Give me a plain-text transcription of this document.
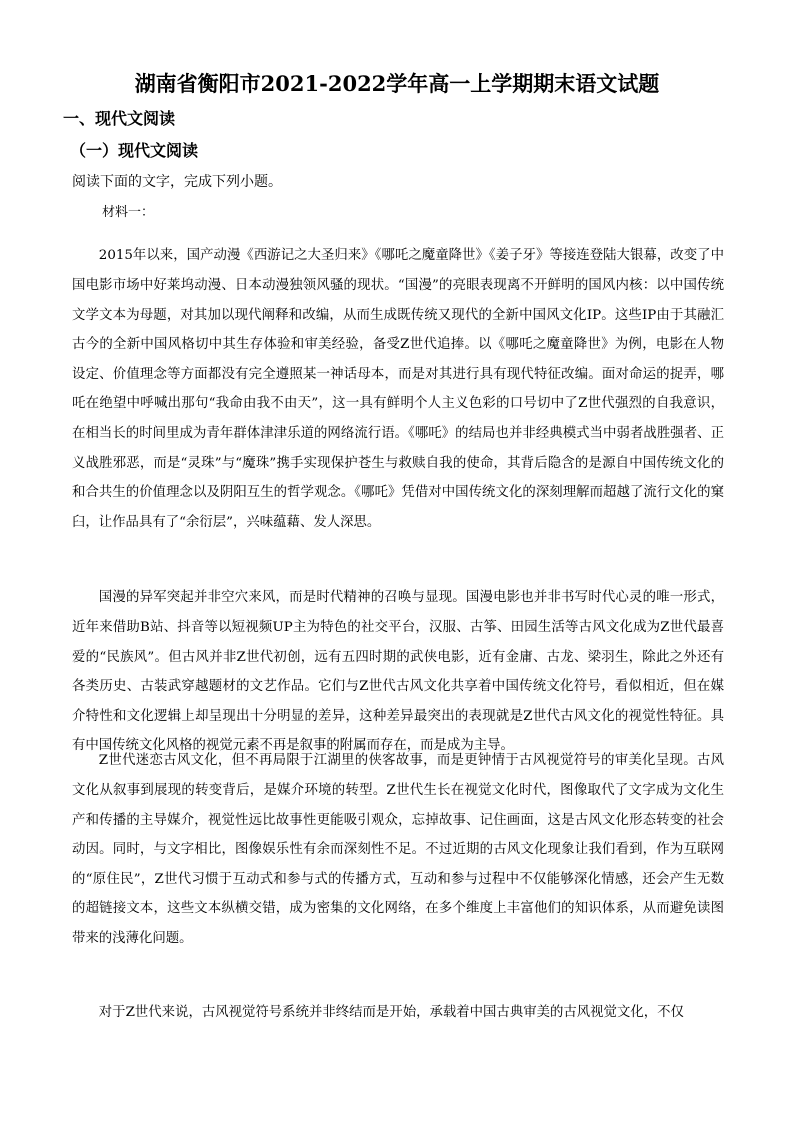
湖南省衡阳市2021-2022学年高一上学期期末语文试题
一、现代文阅读
（一）现代文阅读
阅读下面的文字，完成下列小题。
材料一：

2015年以来，国产动漫《西游记之大圣归来》《哪吒之魔童降世》《姜子牙》等接连登陆大银幕，改变了中国电影市场中好莱坞动漫、日本动漫独领风骚的现状。“国漫”的亮眼表现离不开鲜明的国风内核：以中国传统文学文本为母题，对其加以现代阐释和改编，从而生成既传统又现代的全新中国风文化IP。这些IP由于其融汇古今的全新中国风格切中其生存体验和审美经验，备受Z世代追捧。以《哪吒之魔童降世》为例，电影在人物设定、价值理念等方面都没有完全遵照某一神话母本，而是对其进行具有现代特征改编。面对命运的捉弄，哪吒在绝望中呼喊出那句“我命由我不由天”，这一具有鲜明个人主义色彩的口号切中了Z世代强烈的自我意识，在相当长的时间里成为青年群体津津乐道的网络流行语。《哪吒》的结局也并非经典模式当中弱者战胜强者、正义战胜邪恶，而是“灵珠”与“魔珠”携手实现保护苍生与救赎自我的使命，其背后隐含的是源自中国传统文化的和合共生的价值理念以及阴阳互生的哲学观念。《哪吒》凭借对中国传统文化的深刻理解而超越了流行文化的窠臼，让作品具有了“余衍层”，兴味蕴藉、发人深思。

国漫的异军突起并非空穴来风，而是时代精神的召唤与显现。国漫电影也并非书写时代心灵的唯一形式，近年来借助B站、抖音等以短视频UP主为特色的社交平台，汉服、古筝、田园生活等古风文化成为Z世代最喜爱的“民族风”。但古风并非Z世代初创，远有五四时期的武侠电影，近有金庸、古龙、梁羽生，除此之外还有各类历史、古装武穿越题材的文艺作品。它们与Z世代古风文化共享着中国传统文化符号，看似相近，但在媒介特性和文化逻辑上却呈现出十分明显的差异，这种差异最突出的表现就是Z世代古风文化的视觉性特征。具有中国传统文化风格的视觉元素不再是叙事的附属而存在，而是成为主导。

Z世代迷恋古风文化，但不再局限于江湖里的侠客故事，而是更钟情于古风视觉符号的审美化呈现。古风文化从叙事到展现的转变背后，是媒介环境的转型。Z世代生长在视觉文化时代，图像取代了文字成为文化生产和传播的主导媒介，视觉性远比故事性更能吸引观众，忘掉故事、记住画面，这是古风文化形态转变的社会动因。同时，与文字相比，图像娱乐性有余而深刻性不足。不过近期的古风文化现象让我们看到，作为互联网的“原住民”，Z世代习惯于互动式和参与式的传播方式，互动和参与过程中不仅能够深化情感，还会产生无数的超链接文本，这些文本纵横交错，成为密集的文化网络，在多个维度上丰富他们的知识体系，从而避免读图带来的浅薄化问题。

对于Z世代来说，古风视觉符号系统并非终结而是开始，承载着中国古典审美的古风视觉文化，不仅
